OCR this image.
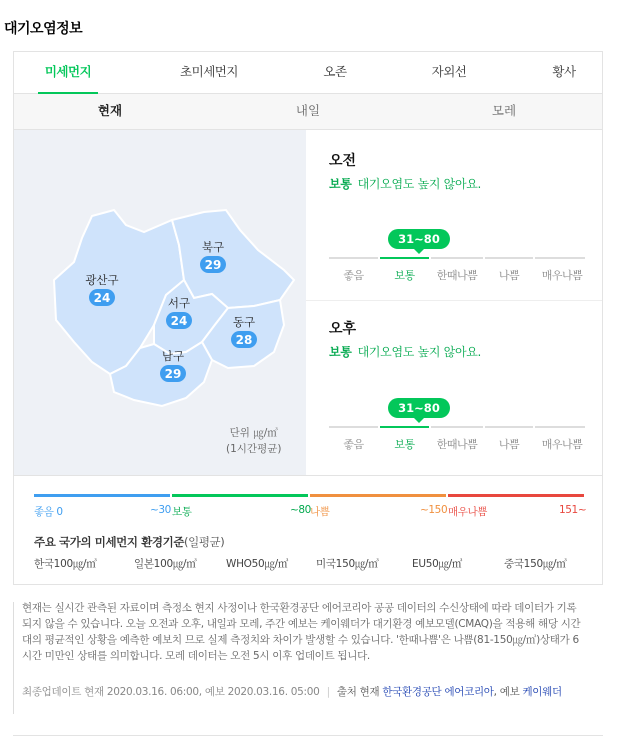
대기오염정보
미세먼지	초미세먼지	오존	자외선	황사
현재	내일	모레
북구
29
광산구
24	서구
24	동구
28
남구
29
단위 ㎍/㎥
(1시간평균)
오전
보통 대기오염도 높지 않아요.
31~80
좋음	보통	한때나쁨	나쁨	매우나쁨
오후
보통 대기오염도 높지 않아요.
31~80
좋음	보통	한때나쁨	나쁨	매우나쁨
좋음 0	~30 보통	~80 나쁨	~150 매우나쁨	151~
주요 국가의 미세먼지 환경기준(일평균)
한국100㎍/㎥	일본100㎍/㎥	WHO50㎍/㎥	미국150㎍/㎥	EU50㎍/㎥	중국150㎍/㎥
현재는 실시간 관측된 자료이며 측정소 현지 사정이나 한국환경공단 에어코리아 공공 데이터의 수신상태에 따라 데이터가 기록되지 않을 수 있습니다. 오늘 오전과 오후, 내일과 모레, 주간 예보는 케이웨더가 대기환경 예보모델(CMAQ)을 적용해 해당 시간대의 평균적인 상황을 예측한 예보치 므로 실제 측정치와 차이가 발생할 수 있습니다. '한때나쁨'은 나쁨(81-150㎍/㎥)상태가 6시간 미만인 상태를 의미합니다. 모레 데이터는 오전 5시 이후 업데이트 됩니다.
최종업데이트 현재 2020.03.16. 06:00, 예보 2020.03.16. 05:00 | 출처 현재 한국환경공단 에어코리아, 예보 케이웨더
